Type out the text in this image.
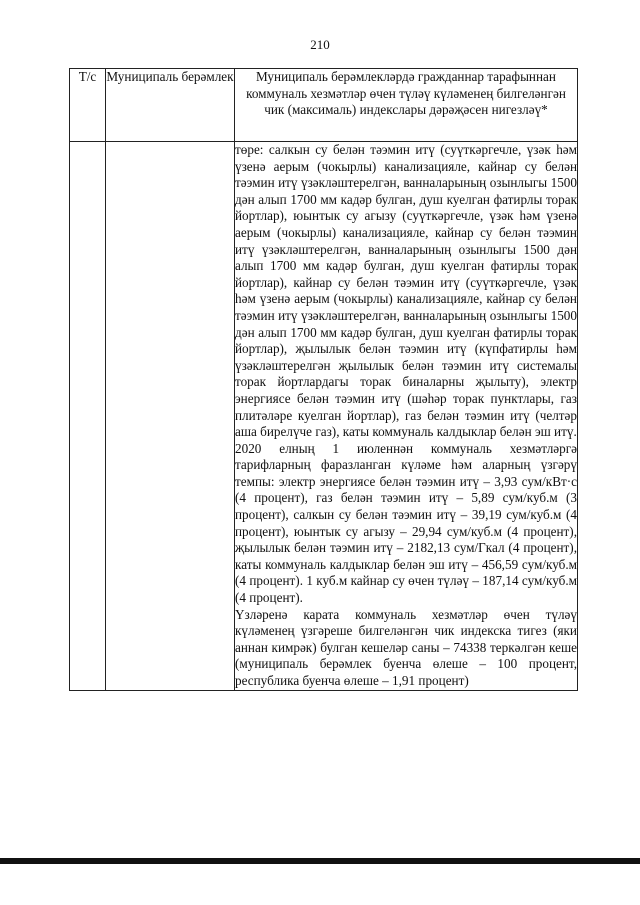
210
Т/с	Муниципаль берәмлек	Муниципаль берәмлекләрдә гражданнар тарафыннан коммуналь хезмәтләр өчен түләү күләменең билгеләнгән чик (максималь) индекслары дәрәҗәсен нигезләү*

		төре: салкын су белән тәэмин итү (суүткәргечле, үзәк һәм үзенә аерым (чокырлы) канализацияле, кайнар су белән тәэмин итү үзәкләштерелгән, ванналарының озынлыгы 1500 дән алып 1700 мм кадәр булган, душ куелган фатирлы торак йортлар), юынтык су агызу (суүткәргечле, үзәк һәм үзенә аерым (чокырлы) канализацияле, кайнар су белән тәэмин итү үзәкләштерелгән, ванналарының озынлыгы 1500 дән алып 1700 мм кадәр булган, душ куелган фатирлы торак йортлар), кайнар су белән тәэмин итү (суүткәргечле, үзәк һәм үзенә аерым (чокырлы) канализацияле, кайнар су белән тәэмин итү үзәкләштерелгән, ванналарының озынлыгы 1500 дән алып 1700 мм кадәр булган, душ куелган фатирлы торак йортлар), җылылык белән тәэмин итү (күпфатирлы һәм үзәкләштерелгән җылылык белән тәэмин итү системалы торак йортлардагы торак биналарны җылыту), электр энергиясе белән тәэмин итү (шәһәр торак пунктлары, газ плитәләре куелган йортлар), газ белән тәэмин итү (челтәр аша бирелүче газ), каты коммуналь калдыклар белән эш итү.

2020 елның 1 июленнән коммуналь хезмәтләргә тарифларның фаразланган күләме һәм аларның үзгәрү темпы: электр энергиясе белән тәэмин итү – 3,93 сум/кВт·с (4 процент), газ белән тәэмин итү – 5,89 сум/куб.м (3 процент), салкын су белән тәэмин итү – 39,19 сум/куб.м (4 процент), юынтык су агызу – 29,94 сум/куб.м (4 процент), җылылык белән тәэмин итү – 2182,13 сум/Гкал (4 процент), каты коммуналь калдыклар белән эш итү – 456,59 сум/куб.м (4 процент). 1 куб.м кайнар су өчен түләү – 187,14 сум/куб.м (4 процент).

Үзләренә карата коммуналь хезмәтләр өчен түләү күләменең үзгәреше билгеләнгән чик индекска тигез (яки аннан кимрәк) булган кешеләр саны – 74338 теркәлгән кеше (муниципаль берәмлек буенча өлеше – 100 процент, республика буенча өлеше – 1,91 процент)
